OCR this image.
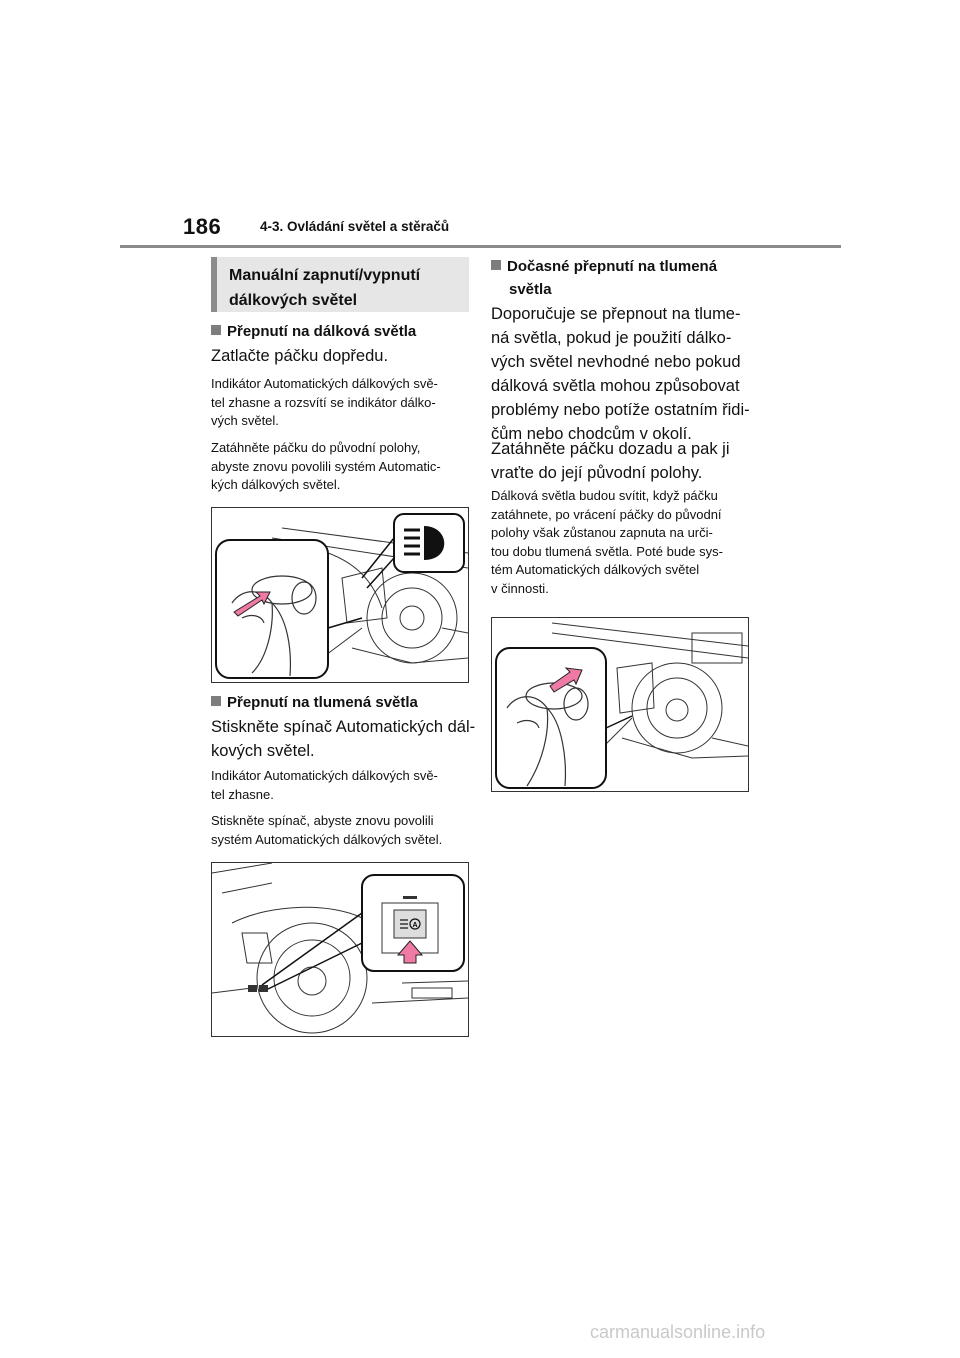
186	4-3. Ovládání světel a stěračů
Manuální zapnutí/vypnutí
dálkových světel
Přepnutí na dálková světla
Zatlačte páčku dopředu.
Indikátor Automatických dálkových svě-
tel zhasne a rozsvítí se indikátor dálko-
vých světel.
Zatáhněte páčku do původní polohy,
abyste znovu povolili systém Automatic-
kých dálkových světel.
Přepnutí na tlumená světla
Stiskněte spínač Automatických dál-
kových světel.
Indikátor Automatických dálkových svě-
tel zhasne.
Stiskněte spínač, abyste znovu povolili
systém Automatických dálkových světel.
A
Dočasné přepnutí na tlumená
světla
Doporučuje se přepnout na tlume-
ná světla, pokud je použití dálko-
vých světel nevhodné nebo pokud
dálková světla mohou způsobovat
problémy nebo potíže ostatním řidi-
čům nebo chodcům v okolí.
Zatáhněte páčku dozadu a pak ji
vraťte do její původní polohy.
Dálková světla budou svítit, když páčku
zatáhnete, po vrácení páčky do původní
polohy však zůstanou zapnuta na urči-
tou dobu tlumená světla. Poté bude sys-
tém Automatických dálkových světel
v činnosti.
carmanualsonline.info
